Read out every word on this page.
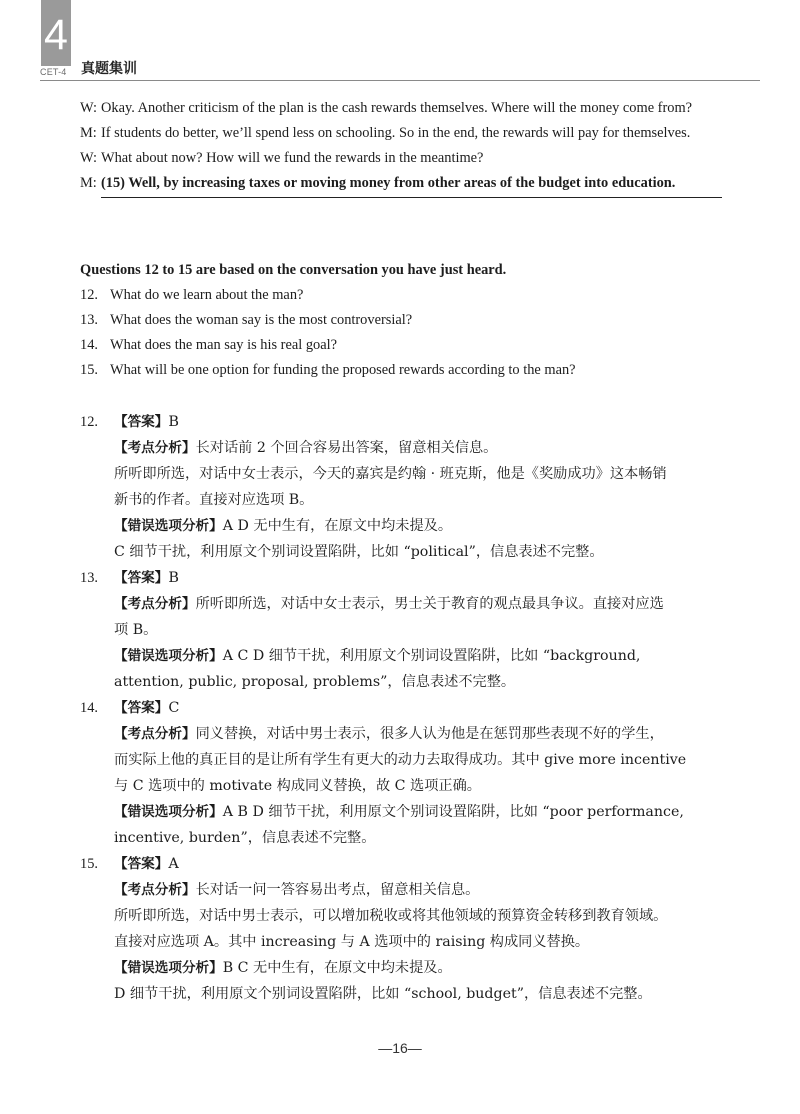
4
CET-4 真题集训
W: Okay. Another criticism of the plan is the cash rewards themselves. Where will the money come from?
M: If students do better, we’ll spend less on schooling. So in the end, the rewards will pay for themselves.
W: What about now? How will we fund the rewards in the meantime?
M: (15) Well, by increasing taxes or moving money from other areas of the budget into education.
Questions 12 to 15 are based on the conversation you have just heard.
12. What do we learn about the man?
13. What does the woman say is the most controversial?
14. What does the man say is his real goal?
15. What will be one option for funding the proposed rewards according to the man?
12.	【答案】B
【考点分析】长对话前 2 个回合容易出答案，留意相关信息。
所听即所选，对话中女士表示，今天的嘉宾是约翰 · 班克斯，他是《奖励成功》这本畅销
新书的作者。直接对应选项 B。
【错误选项分析】A D 无中生有，在原文中均未提及。
C 细节干扰，利用原文个别词设置陷阱，比如 “political”，信息表述不完整。
13.	【答案】B
【考点分析】所听即所选，对话中女士表示，男士关于教育的观点最具争议。直接对应选
项 B。
【错误选项分析】A C D 细节干扰，利用原文个别词设置陷阱，比如 “background,
attention, public, proposal, problems”，信息表述不完整。
14.	【答案】C
【考点分析】同义替换，对话中男士表示，很多人认为他是在惩罚那些表现不好的学生，
而实际上他的真正目的是让所有学生有更大的动力去取得成功。其中 give more incentive
与 C 选项中的 motivate 构成同义替换，故 C 选项正确。
【错误选项分析】A B D 细节干扰，利用原文个别词设置陷阱，比如 “poor performance,
incentive, burden”，信息表述不完整。
15.	【答案】A
【考点分析】长对话一问一答容易出考点，留意相关信息。
所听即所选，对话中男士表示，可以增加税收或将其他领域的预算资金转移到教育领域。
直接对应选项 A。其中 increasing 与 A 选项中的 raising 构成同义替换。
【错误选项分析】B C 无中生有，在原文中均未提及。
D 细节干扰，利用原文个别词设置陷阱，比如 “school, budget”，信息表述不完整。
—16—
